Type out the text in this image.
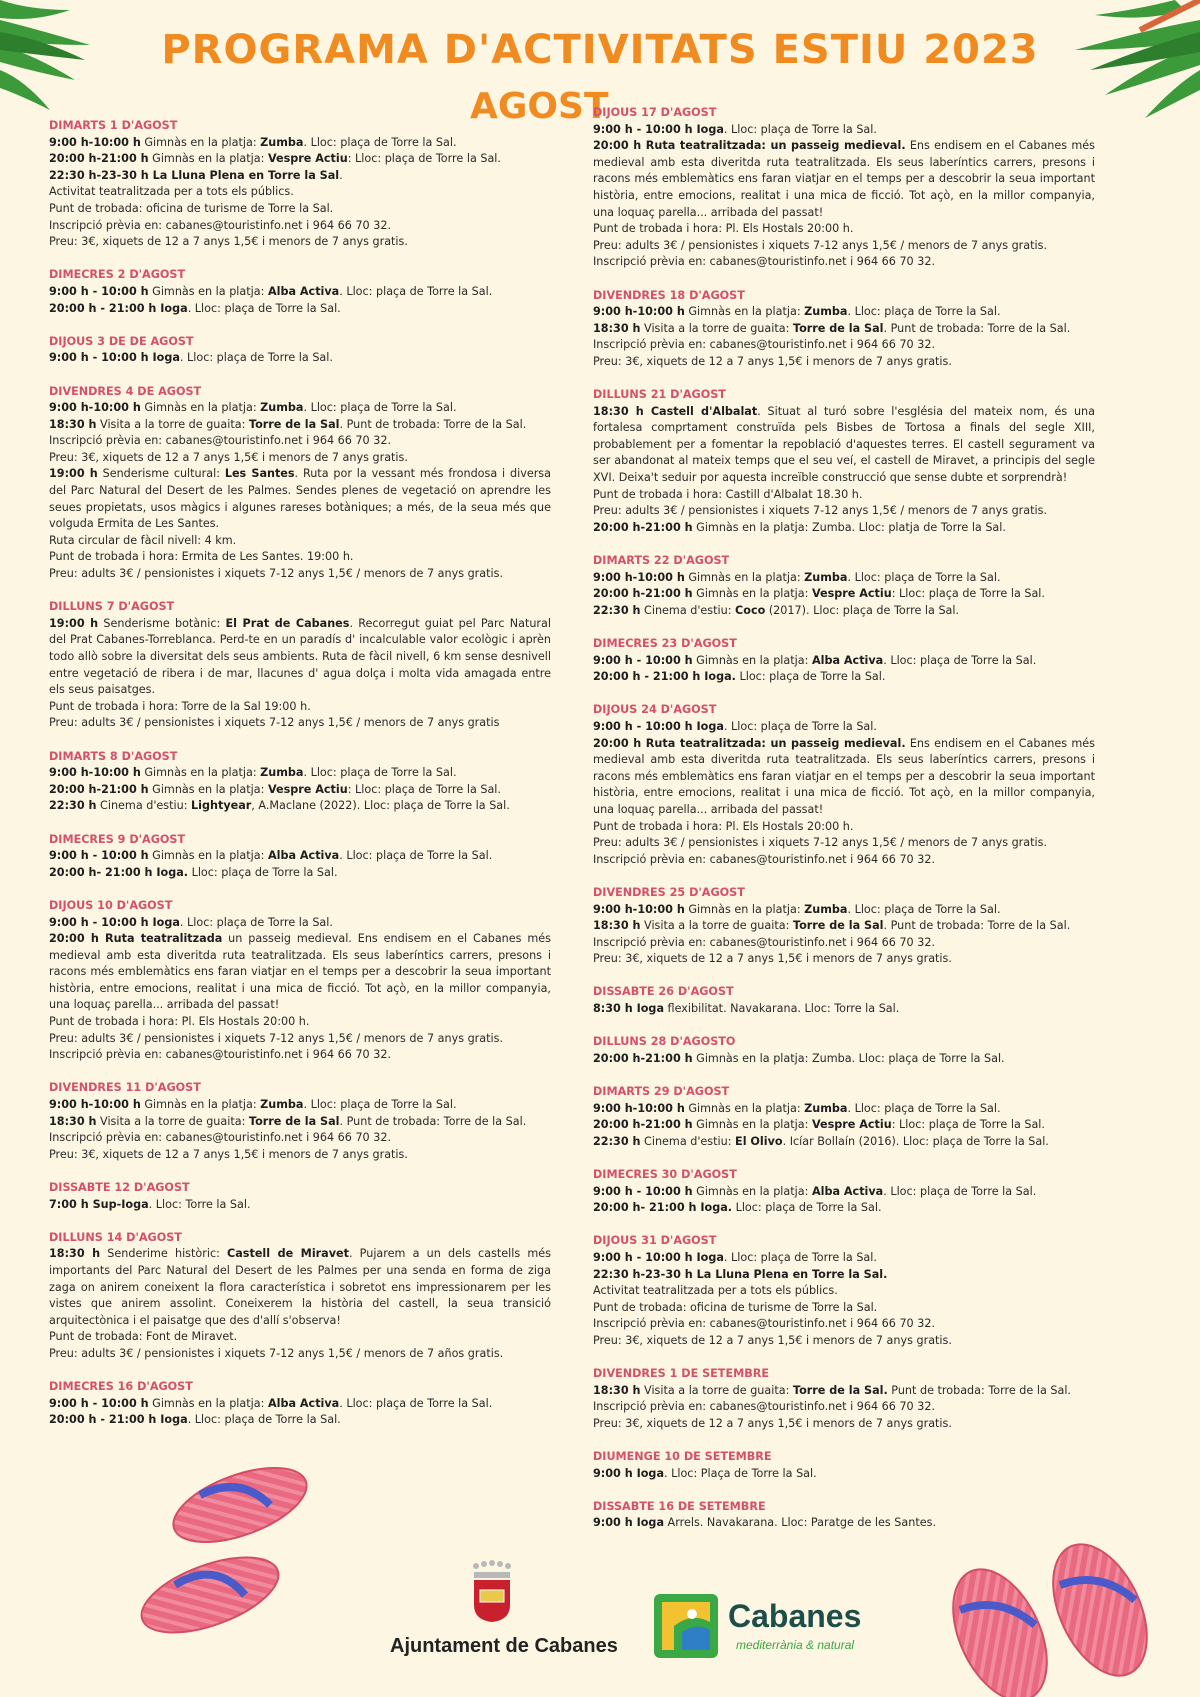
PROGRAMA D'ACTIVITATS ESTIU 2023
AGOST
DIMARTS 1 D'AGOST
9:00 h-10:00 h Gimnàs en la platja: Zumba. Lloc: plaça de Torre la Sal.
20:00 h-21:00 h Gimnàs en la platja: Vespre Actiu: Lloc: plaça de Torre la Sal.
22:30 h-23-30 h La Lluna Plena en Torre la Sal.
Activitat teatralitzada per a tots els públics.
Punt de trobada: oficina de turisme de Torre la Sal.
Inscripció prèvia en: cabanes@touristinfo.net i 964 66 70 32.
Preu: 3€, xiquets de 12 a 7 anys 1,5€ i menors de 7 anys gratis.
DIMECRES 2 D'AGOST
9:00 h - 10:00 h Gimnàs en la platja: Alba Activa. Lloc: plaça de Torre la Sal.
20:00 h - 21:00 h Ioga. Lloc: plaça de Torre la Sal.
DIJOUS 3 DE DE AGOST
9:00 h - 10:00 h Ioga. Lloc: plaça de Torre la Sal.
DIVENDRES 4 DE AGOST
9:00 h-10:00 h Gimnàs en la platja: Zumba. Lloc: plaça de Torre la Sal.
18:30 h Visita a la torre de guaita: Torre de la Sal. Punt de trobada: Torre de la Sal.
Inscripció prèvia en: cabanes@touristinfo.net i 964 66 70 32.
Preu: 3€, xiquets de 12 a 7 anys 1,5€ i menors de 7 anys gratis.
19:00 h Senderisme cultural: Les Santes. Ruta por la vessant més frondosa i diversa del Parc Natural del Desert de les Palmes. Sendes plenes de vegetació on aprendre les seues propietats, usos màgics i algunes rareses botàniques; a més, de la seua més que volguda Ermita de Les Santes.
Ruta circular de fàcil nivell: 4 km.
Punt de trobada i hora: Ermita de Les Santes. 19:00 h.
Preu: adults 3€ / pensionistes i xiquets 7-12 anys 1,5€ / menors de 7 anys gratis.
DILLUNS 7 D'AGOST
19:00 h Senderisme botànic: El Prat de Cabanes. Recorregut guiat pel Parc Natural del Prat Cabanes-Torreblanca. Perd-te en un paradís d' incalculable valor ecològic i aprèn todo allò sobre la diversitat dels seus ambients. Ruta de fàcil nivell, 6 km sense desnivell entre vegetació de ribera i de mar, llacunes d' agua dolça i molta vida amagada entre els seus paisatges.
Punt de trobada i hora: Torre de la Sal 19:00 h.
Preu: adults 3€ / pensionistes i xiquets 7-12 anys 1,5€ / menors de 7 anys gratis
DIMARTS 8 D'AGOST
9:00 h-10:00 h Gimnàs en la platja: Zumba. Lloc: plaça de Torre la Sal.
20:00 h-21:00 h Gimnàs en la platja: Vespre Actiu: Lloc: plaça de Torre la Sal.
22:30 h Cinema d'estiu: Lightyear, A.Maclane (2022). Lloc: plaça de Torre la Sal.
DIMECRES 9 D'AGOST
9:00 h - 10:00 h Gimnàs en la platja: Alba Activa. Lloc: plaça de Torre la Sal.
20:00 h- 21:00 h Ioga. Lloc: plaça de Torre la Sal.
DIJOUS 10 D'AGOST
9:00 h - 10:00 h Ioga. Lloc: plaça de Torre la Sal.
20:00 h Ruta teatralitzada un passeig medieval. Ens endisem en el Cabanes més medieval amb esta diveritda ruta teatralitzada. Els seus laberíntics carrers, presons i racons més emblemàtics ens faran viatjar en el temps per a descobrir la seua important història, entre emocions, realitat i una mica de ficció. Tot açò, en la millor companyia, una loquaç parella... arribada del passat!
Punt de trobada i hora: Pl. Els Hostals 20:00 h.
Preu: adults 3€ / pensionistes i xiquets 7-12 anys 1,5€ / menors de 7 anys gratis.
Inscripció prèvia en: cabanes@touristinfo.net i 964 66 70 32.
DIVENDRES 11 D'AGOST
9:00 h-10:00 h Gimnàs en la platja: Zumba. Lloc: plaça de Torre la Sal.
18:30 h Visita a la torre de guaita: Torre de la Sal. Punt de trobada: Torre de la Sal.
Inscripció prèvia en: cabanes@touristinfo.net i 964 66 70 32.
Preu: 3€, xiquets de 12 a 7 anys 1,5€ i menors de 7 anys gratis.
DISSABTE 12 D'AGOST
7:00 h Sup-Ioga. Lloc: Torre la Sal.
DILLUNS 14 D'AGOST
18:30 h Senderime històric: Castell de Miravet. Pujarem a un dels castells més importants del Parc Natural del Desert de les Palmes per una senda en forma de ziga zaga on anirem coneixent la flora característica i sobretot ens impressionarem per les vistes que anirem assolint. Coneixerem la història del castell, la seua transició arquitectònica i el paisatge que des d'allí s'observa!
Punt de trobada: Font de Miravet.
Preu: adults 3€ / pensionistes i xiquets 7-12 anys 1,5€ / menors de 7 años gratis.
DIMECRES 16 D'AGOST
9:00 h - 10:00 h Gimnàs en la platja: Alba Activa. Lloc: plaça de Torre la Sal.
20:00 h - 21:00 h Ioga. Lloc: plaça de Torre la Sal.
DIJOUS 17 D'AGOST
9:00 h - 10:00 h Ioga. Lloc: plaça de Torre la Sal.
20:00 h Ruta teatralitzada: un passeig medieval. Ens endisem en el Cabanes més medieval amb esta diveritda ruta teatralitzada. Els seus laberíntics carrers, presons i racons més emblemàtics ens faran viatjar en el temps per a descobrir la seua important història, entre emocions, realitat i una mica de ficció. Tot açò, en la millor companyia, una loquaç parella... arribada del passat!
Punt de trobada i hora: Pl. Els Hostals 20:00 h.
Preu: adults 3€ / pensionistes i xiquets 7-12 anys 1,5€ / menors de 7 anys gratis.
Inscripció prèvia en: cabanes@touristinfo.net i 964 66 70 32.
DIVENDRES 18 D'AGOST
9:00 h-10:00 h Gimnàs en la platja: Zumba. Lloc: plaça de Torre la Sal.
18:30 h Visita a la torre de guaita: Torre de la Sal. Punt de trobada: Torre de la Sal.
Inscripció prèvia en: cabanes@touristinfo.net i 964 66 70 32.
Preu: 3€, xiquets de 12 a 7 anys 1,5€ i menors de 7 anys gratis.
DILLUNS 21 D'AGOST
18:30 h Castell d'Albalat. Situat al turó sobre l'església del mateix nom, és una fortalesa comprtament construïda pels Bisbes de Tortosa a finals del segle XIII, probablement per a fomentar la repoblació d'aquestes terres. El castell segurament va ser abandonat al mateix temps que el seu veí, el castell de Miravet, a principis del segle XVI. Deixa't seduir por aquesta increïble construcció que sense dubte et sorprendrà!
Punt de trobada i hora: Castill d'Albalat 18.30 h.
Preu: adults 3€ / pensionistes i xiquets 7-12 anys 1,5€ / menors de 7 anys gratis.
20:00 h-21:00 h Gimnàs en la platja: Zumba. Lloc: platja de Torre la Sal.
DIMARTS 22 D'AGOST
9:00 h-10:00 h Gimnàs en la platja: Zumba. Lloc: plaça de Torre la Sal.
20:00 h-21:00 h Gimnàs en la platja: Vespre Actiu: Lloc: plaça de Torre la Sal.
22:30 h Cinema d'estiu: Coco (2017). Lloc: plaça de Torre la Sal.
DIMECRES 23 D'AGOST
9:00 h - 10:00 h Gimnàs en la platja: Alba Activa. Lloc: plaça de Torre la Sal.
20:00 h - 21:00 h Ioga. Lloc: plaça de Torre la Sal.
DIJOUS 24 D'AGOST
9:00 h - 10:00 h Ioga. Lloc: plaça de Torre la Sal.
20:00 h Ruta teatralitzada: un passeig medieval. Ens endisem en el Cabanes més medieval amb esta diveritda ruta teatralitzada. Els seus laberíntics carrers, presons i racons més emblemàtics ens faran viatjar en el temps per a descobrir la seua important història, entre emocions, realitat i una mica de ficció. Tot açò, en la millor companyia, una loquaç parella... arribada del passat!
Punt de trobada i hora: Pl. Els Hostals 20:00 h.
Preu: adults 3€ / pensionistes i xiquets 7-12 anys 1,5€ / menors de 7 anys gratis.
Inscripció prèvia en: cabanes@touristinfo.net i 964 66 70 32.
DIVENDRES 25 D'AGOST
9:00 h-10:00 h Gimnàs en la platja: Zumba. Lloc: plaça de Torre la Sal.
18:30 h Visita a la torre de guaita: Torre de la Sal. Punt de trobada: Torre de la Sal.
Inscripció prèvia en: cabanes@touristinfo.net i 964 66 70 32.
Preu: 3€, xiquets de 12 a 7 anys 1,5€ i menors de 7 anys gratis.
DISSABTE 26 D'AGOST
8:30 h Ioga flexibilitat. Navakarana. Lloc: Torre la Sal.
DILLUNS 28 D'AGOSTO
20:00 h-21:00 h Gimnàs en la platja: Zumba. Lloc: plaça de Torre la Sal.
DIMARTS 29 D'AGOST
9:00 h-10:00 h Gimnàs en la platja: Zumba. Lloc: plaça de Torre la Sal.
20:00 h-21:00 h Gimnàs en la platja: Vespre Actiu: Lloc: plaça de Torre la Sal.
22:30 h Cinema d'estiu: El Olivo. Icíar Bollaín (2016). Lloc: plaça de Torre la Sal.
DIMECRES 30 D'AGOST
9:00 h - 10:00 h Gimnàs en la platja: Alba Activa. Lloc: plaça de Torre la Sal.
20:00 h- 21:00 h Ioga. Lloc: plaça de Torre la Sal.
DIJOUS 31 D'AGOST
9:00 h - 10:00 h Ioga. Lloc: plaça de Torre la Sal.
22:30 h-23-30 h La Lluna Plena en Torre la Sal.
Activitat teatralitzada per a tots els públics.
Punt de trobada: oficina de turisme de Torre la Sal.
Inscripció prèvia en: cabanes@touristinfo.net i 964 66 70 32.
Preu: 3€, xiquets de 12 a 7 anys 1,5€ i menors de 7 anys gratis.
DIVENDRES 1 DE SETEMBRE
18:30 h Visita a la torre de guaita: Torre de la Sal. Punt de trobada: Torre de la Sal.
Inscripció prèvia en: cabanes@touristinfo.net i 964 66 70 32.
Preu: 3€, xiquets de 12 a 7 anys 1,5€ i menors de 7 anys gratis.
DIUMENGE 10 DE SETEMBRE
9:00 h Ioga. Lloc: Plaça de Torre la Sal.
DISSABTE 16 DE SETEMBRE
9:00 h Ioga Arrels. Navakarana. Lloc: Paratge de les Santes.
Ajuntament de Cabanes
Cabanes
mediterrània & natural
